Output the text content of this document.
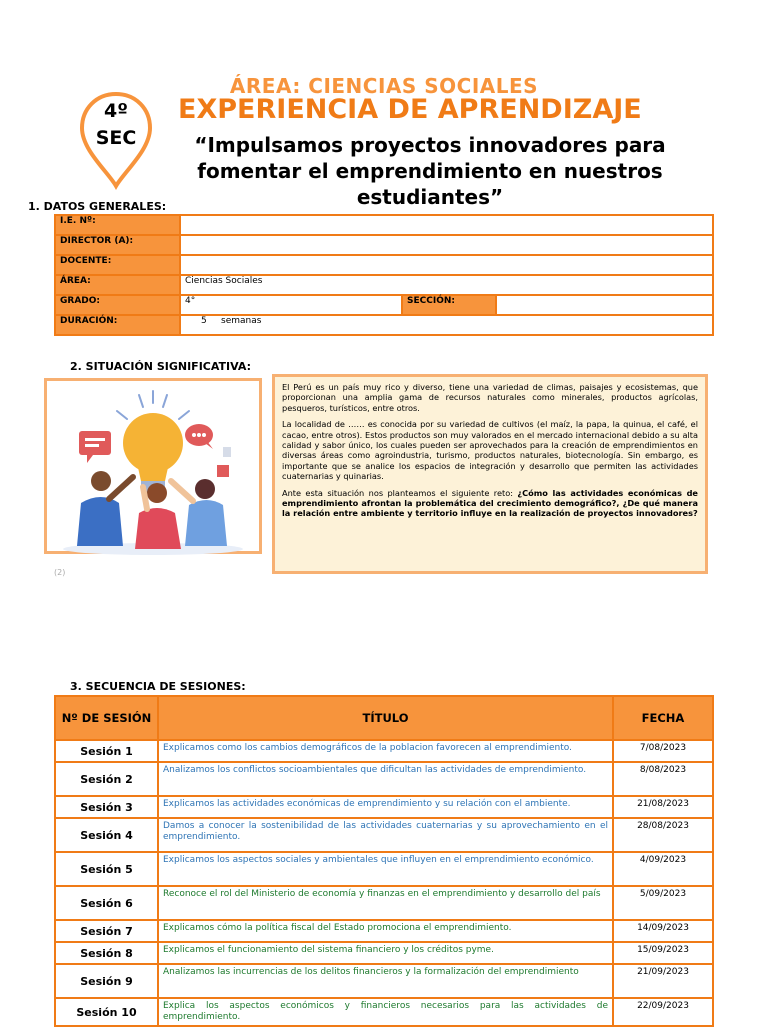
ÁREA: CIENCIAS SOCIALES
4º
SEC
EXPERIENCIA DE APRENDIZAJE
“Impulsamos proyectos innovadores para fomentar el emprendimiento en nuestros estudiantes”
1. DATOS GENERALES:
I.E. Nº:			
DIRECTOR (A):			
DOCENTE:			
ÁREA:	Ciencias Sociales		
GRADO:	4°	SECCIÓN:	
DURACIÓN:	5     semanas		
2. SITUACIÓN SIGNIFICATIVA:
(2)

El Perú es un país muy rico y diverso, tiene una variedad de climas, paisajes y ecosistemas, que proporcionan una amplia gama de recursos naturales como minerales, productos agrícolas, pesqueros, turísticos, entre otros.

La localidad de …… es conocida por su variedad de cultivos (el maíz, la papa, la quinua, el café, el cacao, entre otros). Estos productos son muy valorados en el mercado internacional debido a su alta calidad y sabor único, los cuales pueden ser aprovechados para la creación de emprendimientos en diversas áreas como agroindustria, turismo, productos naturales, biotecnología. Sin embargo, es importante que se analice los espacios de integración y desarrollo que permiten las actividades cuaternarias y quinarias.

Ante esta situación nos planteamos el siguiente reto: ¿Cómo las actividades económicas de emprendimiento afrontan la problemática del crecimiento demográfico?, ¿De qué manera la relación entre ambiente y territorio influye en la realización de proyectos innovadores?

3. SECUENCIA DE SESIONES:
Nº DE SESIÓN	TÍTULO	FECHA
Sesión 1	Explicamos como los cambios demográficos de la poblacion favorecen al emprendimiento.	7/08/2023
Sesión 2	Analizamos los conflictos socioambientales que dificultan las actividades de emprendimiento.	8/08/2023
Sesión 3	Explicamos las actividades económicas de emprendimiento y su relación con el ambiente.	21/08/2023
Sesión 4	Damos a conocer la sostenibilidad de las actividades cuaternarias y su aprovechamiento en el emprendimiento.	28/08/2023
Sesión 5	Explicamos los aspectos sociales y ambientales que influyen en el emprendimiento económico.	4/09/2023
Sesión 6	Reconoce el rol del Ministerio de economía y finanzas en el emprendimiento y desarrollo del país	5/09/2023
Sesión 7	Explicamos cómo la política fiscal del Estado promociona el emprendimiento.	14/09/2023
Sesión 8	Explicamos el funcionamiento del sistema financiero y los créditos pyme.	15/09/2023
Sesión 9	Analizamos las incurrencias de los delitos financieros y la formalización del emprendimiento	21/09/2023
Sesión 10	Explica los aspectos económicos y financieros necesarios para las actividades de emprendimiento.	22/09/2023
